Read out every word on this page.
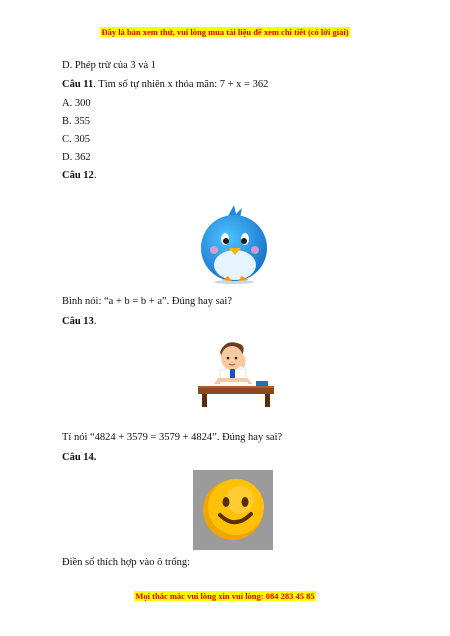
Đây là bản xem thử, vui lòng mua tài liệu để xem chi tiết (có lời giải)
D. Phép trừ của 3 và 1
Câu 11. Tìm số tự nhiên x thỏa mãn: 7 + x = 362
A. 300
B. 355
C. 305
D. 362
Câu 12.
Bình nói: “a + b = b + a”. Đúng hay sai?
Câu 13.
Tí nói “4824 + 3579 = 3579 + 4824”. Đúng hay sai?
Câu 14.
Điền số thích hợp vào ô trống:
Mọi thắc mắc vui lòng xin vui lòng: 084 283 45 85
